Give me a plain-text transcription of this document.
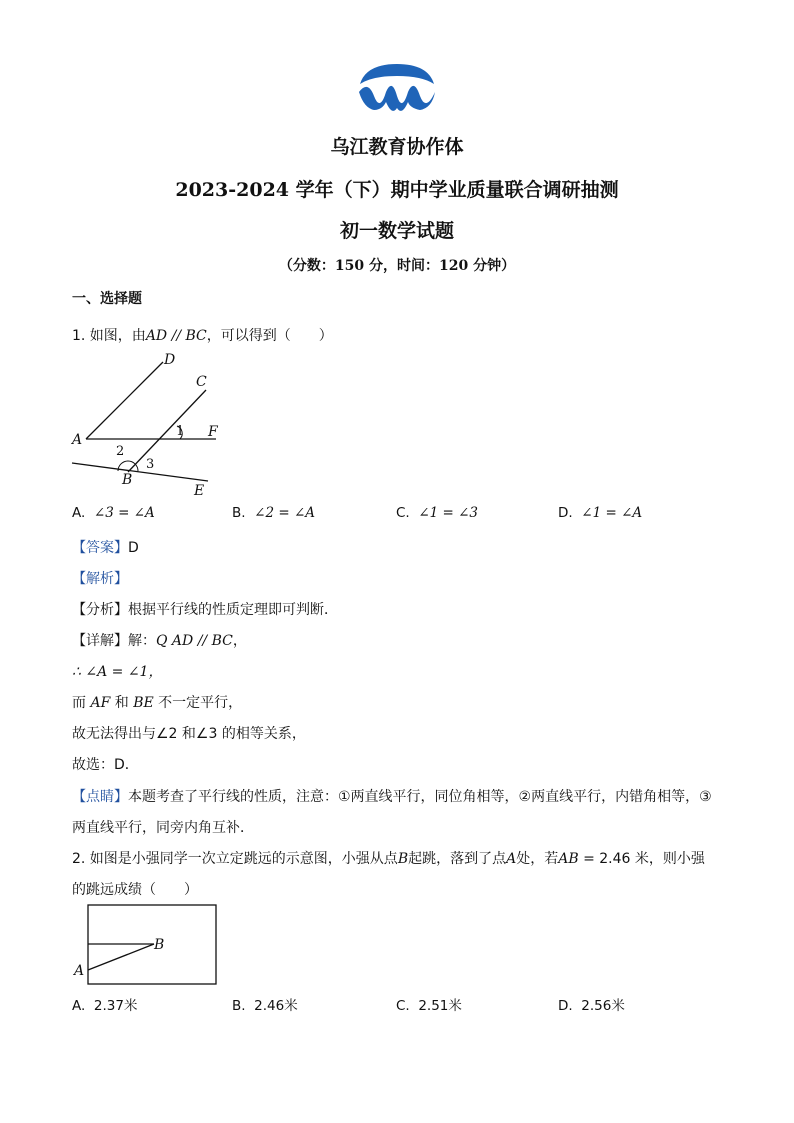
乌江教育协作体
2023-2024 学年（下）期中学业质量联合调研抽测
初一数学试题
（分数：150 分，时间：120 分钟）
一、选择题
1. 如图，由AD // BC，可以得到（　　）
D
C
A	F
1
2
3
B
E
A. ∠3 = ∠A	B. ∠2 = ∠A	C. ∠1 = ∠3	D. ∠1 = ∠A
【答案】D
【解析】
【分析】根据平行线的性质定理即可判断．
【详解】解：Q AD // BC，
∴ ∠A = ∠1，
而 AF 和 BE 不一定平行，
故无法得出与∠2 和∠3 的相等关系，
故选：D．
【点睛】本题考查了平行线的性质，注意：①两直线平行，同位角相等，②两直线平行，内错角相等，③
两直线平行，同旁内角互补．
2. 如图是小强同学一次立定跳远的示意图，小强从点B起跳，落到了点A处，若AB = 2.46 米，则小强
的跳远成绩（　　）
B
A
A. 2.37米	B. 2.46米	C. 2.51米	D. 2.56米
